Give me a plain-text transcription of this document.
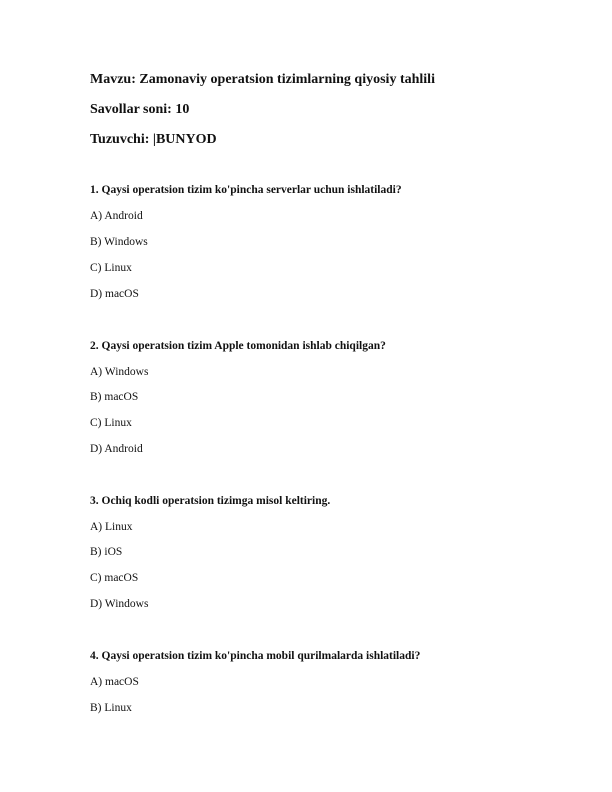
Mavzu: Zamonaviy operatsion tizimlarning qiyosiy tahlili
Savollar soni: 10
Tuzuvchi: |BUNYOD
1. Qaysi operatsion tizim ko'pincha serverlar uchun ishlatiladi?
A) Android
B) Windows
C) Linux
D) macOS
2. Qaysi operatsion tizim Apple tomonidan ishlab chiqilgan?
A) Windows
B) macOS
C) Linux
D) Android
3. Ochiq kodli operatsion tizimga misol keltiring.
A) Linux
B) iOS
C) macOS
D) Windows
4. Qaysi operatsion tizim ko'pincha mobil qurilmalarda ishlatiladi?
A) macOS
B) Linux
